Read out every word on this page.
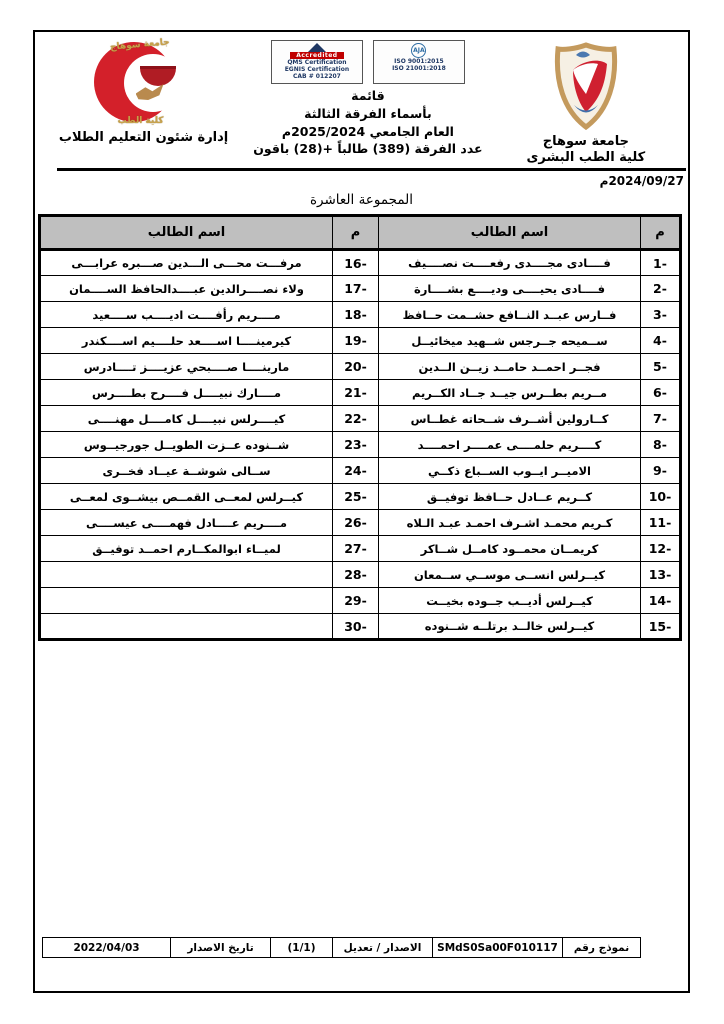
جامعة سوهاج
كلية الطب البشرى
Accredited
QMS Certification
EGNIS Certification
CAB # 012207
AJA
ISO 9001:2015
ISO 21001:2018
قائمة
بأسماء الفرقة الثالثة
العام الجامعي 2025/2024م
عدد الفرقة (389) طالباً +(28) باقون
جامعة سوهاج
كلية الطب
إدارة شئون التعليم الطلاب
2024/09/27م
المجموعة العاشرة
م	اسم الطالب	م	اسم الطالب
1-	فــــادى مجــــدى رفعــــت نصــــيف	16-	مرفـــت محـــى الـــدين صـــبره عرابـــى
2-	فــــادى يحيــــى وديــــع بشــــارة	17-	ولاء نصــــرالدين عبــــدالحافظ الســــمان
3-	فــارس عبــد النــافع حشــمت حــافظ	18-	مــــريم رأفــــت اديــــب ســــعيد
4-	ســميحه جــرجس شــهيد ميخائيــل	19-	كيرمينــــا اســــعد حلــــيم اســــكندر
5-	فجــر احمــد حامــد زيــن الــدين	20-	مارينــــا صــــبحي عزيــــز تــــادرس
6-	مــريم بطــرس جيــد جــاد الكــريم	21-	مــــارك نبيــــل فــــرح بطــــرس
7-	كــارولين أشــرف شــحاته غطــاس	22-	كيــــرلس نبيــــل كامــــل مهنــــى
8-	كــــريم حلمــــى عمــــر احمــــد	23-	شــنوده عــزت الطويــل جورجيــوس
9-	الاميــر ايــوب الســباع ذكــي	24-	ســالى شوشــة عيــاد فخــرى
10-	كــريم عــادل حــافظ توفيــق	25-	كيــرلس لمعــى القمــص بيشــوى لمعــى
11-	كـريم محمـد اشـرف احمـد عبـد الـلاه	26-	مــــريم عــــادل فهمــــى عيســــى
12-	كريمــان محمــود كامــل شــاكر	27-	لميــاء ابوالمكــارم احمــد توفيــق
13-	كيــرلس انســى موســي ســمعان	28-	
14-	كيــرلس أديــب جــوده بخيــت	29-	
15-	كيــرلس خالــد برتلــه شــنوده	30-	
نموذج رقم	SMdS0Sa00F010117	الاصدار / تعديل	(1/1)	تاريخ الاصدار	2022/04/03
